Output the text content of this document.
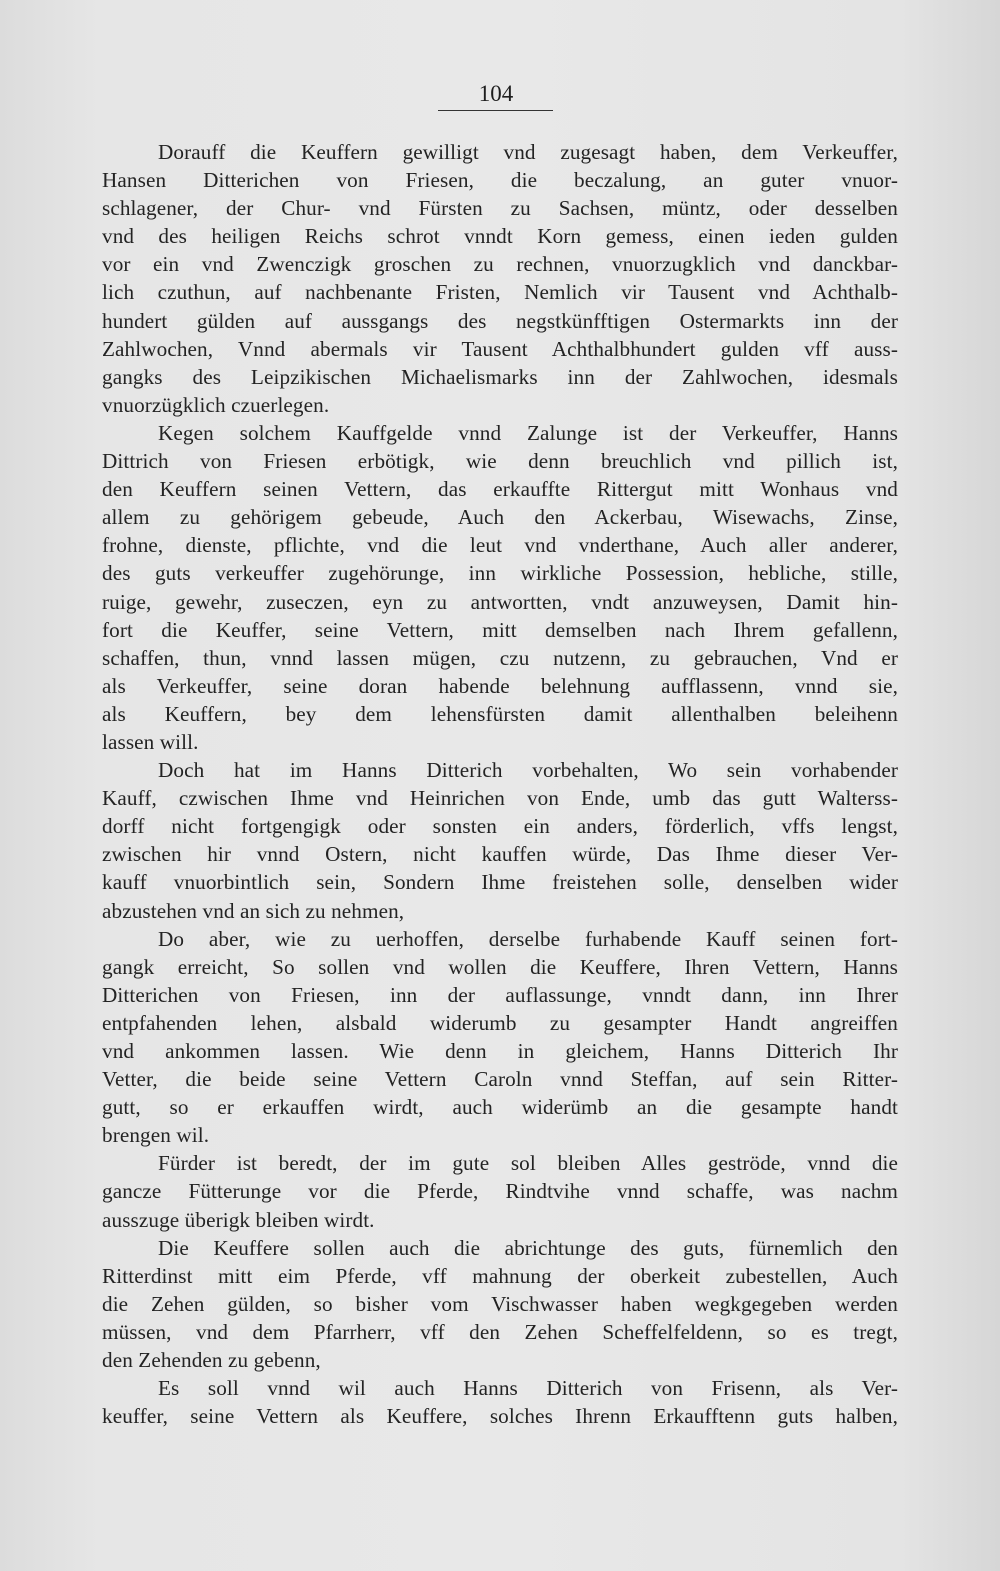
104
Dorauff die Keuffern gewilligt vnd zugesagt haben, dem Verkeuffer,
Hansen Ditterichen von Friesen, die beczalung, an guter vnuor-
schlagener, der Chur- vnd Fürsten zu Sachsen, müntz, oder desselben
vnd des heiligen Reichs schrot vnndt Korn gemess, einen ieden gulden
vor ein vnd Zwenczigk groschen zu rechnen, vnuorzugklich vnd danckbar-
lich czuthun, auf nachbenante Fristen, Nemlich vir Tausent vnd Achthalb-
hundert gülden auf aussgangs des negstkünfftigen Ostermarkts inn der
Zahlwochen, Vnnd abermals vir Tausent Achthalbhundert gulden vff auss-
gangks des Leipzikischen Michaelismarks inn der Zahlwochen, idesmals
vnuorzügklich czuerlegen.
Kegen solchem Kauffgelde vnnd Zalunge ist der Verkeuffer, Hanns
Dittrich von Friesen erbötigk, wie denn breuchlich vnd pillich ist,
den Keuffern seinen Vettern, das erkauffte Rittergut mitt Wonhaus vnd
allem zu gehörigem gebeude, Auch den Ackerbau, Wisewachs, Zinse,
frohne, dienste, pflichte, vnd die leut vnd vnderthane, Auch aller anderer,
des guts verkeuffer zugehörunge, inn wirkliche Possession, hebliche, stille,
ruige, gewehr, zuseczen, eyn zu antwortten, vndt anzuweysen, Damit hin-
fort die Keuffer, seine Vettern, mitt demselben nach Ihrem gefallenn,
schaffen, thun, vnnd lassen mügen, czu nutzenn, zu gebrauchen, Vnd er
als Verkeuffer, seine doran habende belehnung aufflassenn, vnnd sie,
als Keuffern, bey dem lehensfürsten damit allenthalben beleihenn
lassen will.
Doch hat im Hanns Ditterich vorbehalten, Wo sein vorhabender
Kauff, czwischen Ihme vnd Heinrichen von Ende, umb das gutt Walterss-
dorff nicht fortgengigk oder sonsten ein anders, förderlich, vffs lengst,
zwischen hir vnnd Ostern, nicht kauffen würde, Das Ihme dieser Ver-
kauff vnuorbintlich sein, Sondern Ihme freistehen solle, denselben wider
abzustehen vnd an sich zu nehmen,
Do aber, wie zu uerhoffen, derselbe furhabende Kauff seinen fort-
gangk erreicht, So sollen vnd wollen die Keuffere, Ihren Vettern, Hanns
Ditterichen von Friesen, inn der auflassunge, vnndt dann, inn Ihrer
entpfahenden lehen, alsbald widerumb zu gesampter Handt angreiffen
vnd ankommen lassen. Wie denn in gleichem, Hanns Ditterich Ihr
Vetter, die beide seine Vettern Caroln vnnd Steffan, auf sein Ritter-
gutt, so er erkauffen wirdt, auch widerümb an die gesampte handt
brengen wil.
Fürder ist beredt, der im gute sol bleiben Alles geströde, vnnd die
gancze Fütterunge vor die Pferde, Rindtvihe vnnd schaffe, was nachm
ausszuge überigk bleiben wirdt.
Die Keuffere sollen auch die abrichtunge des guts, fürnemlich den
Ritterdinst mitt eim Pferde, vff mahnung der oberkeit zubestellen, Auch
die Zehen gülden, so bisher vom Vischwasser haben wegkgegeben werden
müssen, vnd dem Pfarrherr, vff den Zehen Scheffelfeldenn, so es tregt,
den Zehenden zu gebenn,
Es soll vnnd wil auch Hanns Ditterich von Frisenn, als Ver-
keuffer, seine Vettern als Keuffere, solches Ihrenn Erkaufftenn guts halben,
